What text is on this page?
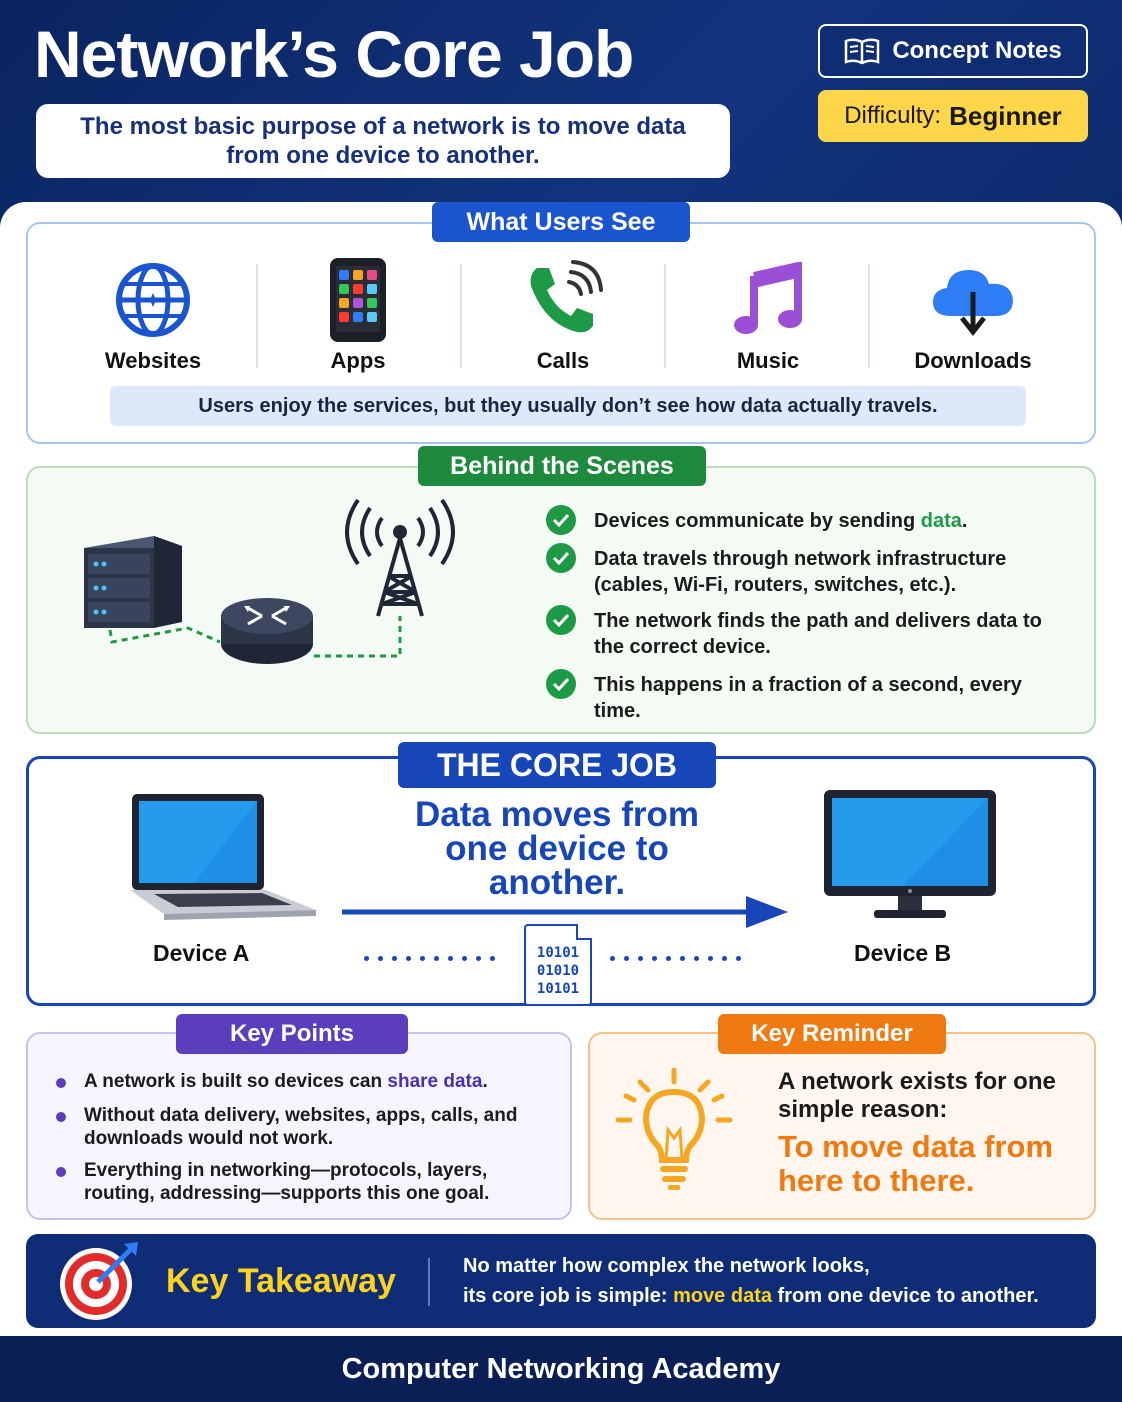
Network’s Core Job
The most basic purpose of a network is to move data from one device to another.
Concept Notes
Difficulty: Beginner
What Users See
Websites	Apps	Calls	Music	Downloads
Users enjoy the services, but they usually don’t see how data actually travels.
Behind the Scenes
Devices communicate by sending data.
Data travels through network infrastructure (cables, Wi-Fi, routers, switches, etc.).
The network finds the path and delivers data to the correct device.
This happens in a fraction of a second, every time.
THE CORE JOB
Data moves from one device to another.
Device A	Device B
10101
01010
10101
Key Points
A network is built so devices can share data.
Without data delivery, websites, apps, calls, and downloads would not work.
Everything in networking—protocols, layers, routing, addressing—supports this one goal.
Key Reminder
A network exists for one simple reason:
To move data from here to there.
Key Takeaway	No matter how complex the network looks,
its core job is simple: move data from one device to another.
Computer Networking Academy
